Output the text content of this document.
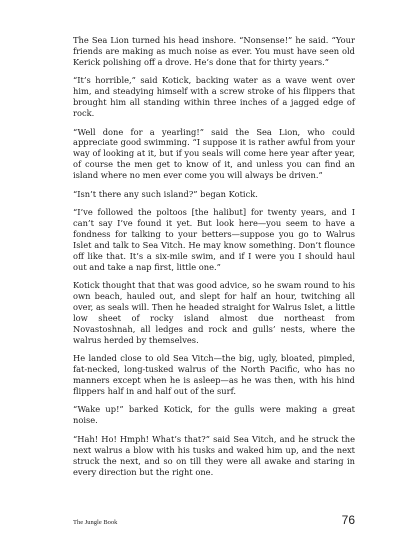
The Sea Lion turned his head inshore. “Nonsense!” he said. “Your friends are making as much noise as ever. You must have seen old Kerick polishing off a drove. He’s done that for thirty years.”

“It’s horrible,” said Kotick, backing water as a wave went over him, and steadying himself with a screw stroke of his flippers that brought him all standing within three inches of a jagged edge of rock.

“Well done for a yearling!” said the Sea Lion, who could appreciate good swimming. “I suppose it is rather awful from your way of looking at it, but if you seals will come here year after year, of course the men get to know of it, and unless you can find an island where no men ever come you will always be driven.”

“Isn’t there any such island?” began Kotick.

“I’ve followed the poltoos [the halibut] for twenty years, and I can’t say I’ve found it yet. But look here—you seem to have a fondness for talking to your betters—suppose you go to Walrus Islet and talk to Sea Vitch. He may know something. Don’t flounce off like that. It’s a six-mile swim, and if I were you I should haul out and take a nap first, little one.”

Kotick thought that that was good advice, so he swam round to his own beach, hauled out, and slept for half an hour, twitching all over, as seals will. Then he headed straight for Walrus Islet, a little low sheet of rocky island almost due northeast from Novastoshnah, all ledges and rock and gulls’ nests, where the walrus herded by themselves.

He landed close to old Sea Vitch—the big, ugly, bloated, pimpled, fat-necked, long-tusked walrus of the North Pacific, who has no manners except when he is asleep—as he was then, with his hind flippers half in and half out of the surf.

“Wake up!” barked Kotick, for the gulls were making a great noise.

“Hah! Ho! Hmph! What’s that?” said Sea Vitch, and he struck the next walrus a blow with his tusks and waked him up, and the next struck the next, and so on till they were all awake and staring in every direction but the right one.

The Jungle Book	76
